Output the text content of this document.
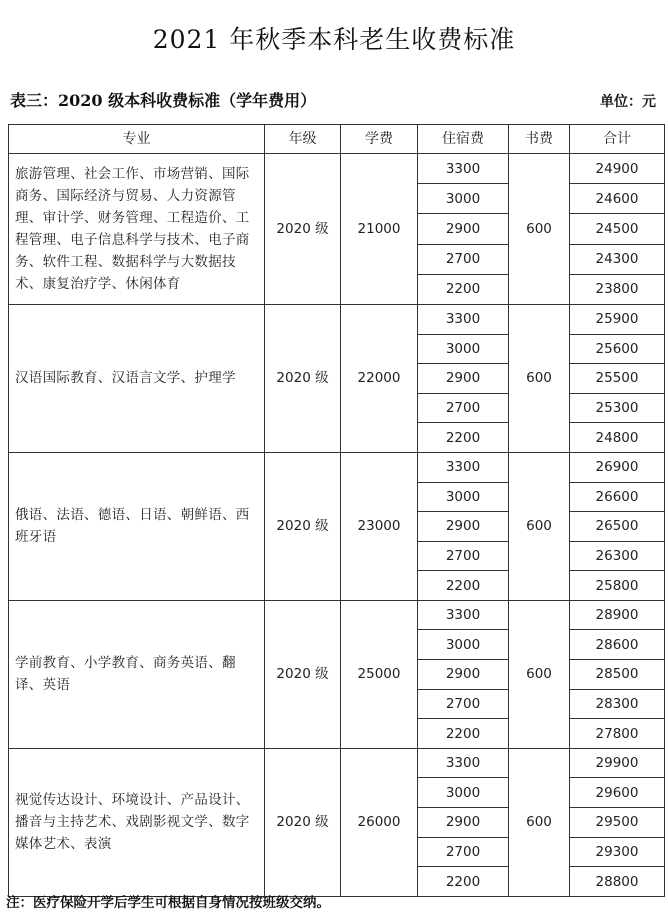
2021 年秋季本科老生收费标准
表三：2020 级本科收费标准（学年费用）	单位：元
专业	年级	学费	住宿费	书费	合计
旅游管理、社会工作、市场营销、国际商务、国际经济与贸易、人力资源管理、审计学、财务管理、工程造价、工程管理、电子信息科学与技术、电子商务、软件工程、数据科学与大数据技术、康复治疗学、休闲体育	2020 级	21000	3300	600	24900
			3000		24600
			2900		24500
			2700		24300
			2200		23800
汉语国际教育、汉语言文学、护理学	2020 级	22000	3300	600	25900
			3000		25600
			2900		25500
			2700		25300
			2200		24800
俄语、法语、德语、日语、朝鲜语、西班牙语	2020 级	23000	3300	600	26900
			3000		26600
			2900		26500
			2700		26300
			2200		25800
学前教育、小学教育、商务英语、翻译、英语	2020 级	25000	3300	600	28900
			3000		28600
			2900		28500
			2700		28300
			2200		27800
视觉传达设计、环境设计、产品设计、播音与主持艺术、戏剧影视文学、数字媒体艺术、表演	2020 级	26000	3300	600	29900
			3000		29600
			2900		29500
			2700		29300
			2200		28800
注：医疗保险开学后学生可根据自身情况按班级交纳。
